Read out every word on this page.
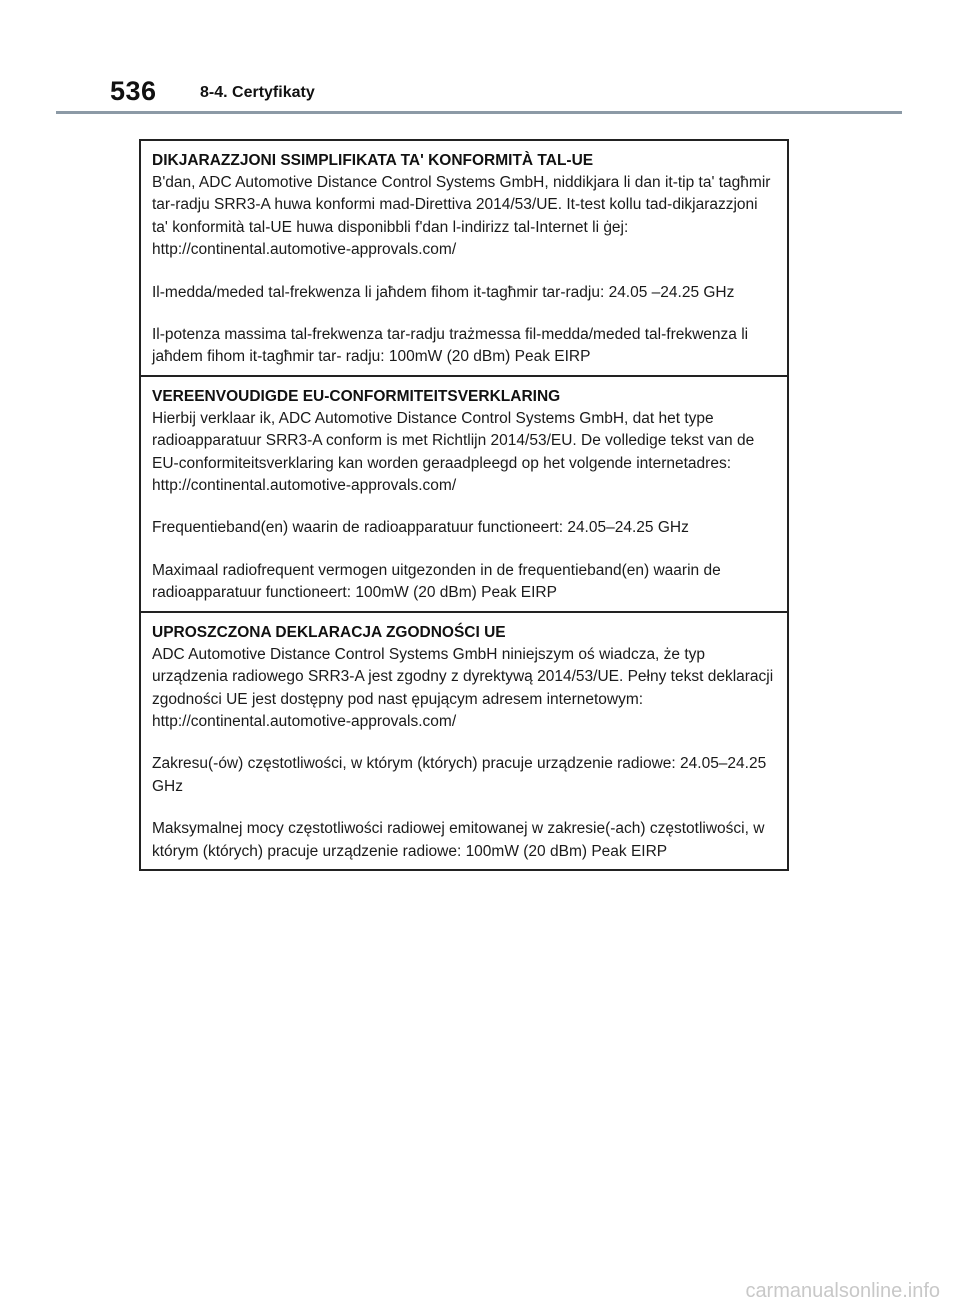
536	8-4. Certyfikaty

DIKJARAZZJONI SSIMPLIFIKATA TA' KONFORMITÀ TAL-UE

B'dan, ADC Automotive Distance Control Systems GmbH, niddikjara li dan it-tip ta' tagħmir tar-radju SRR3-A huwa konformi mad-Direttiva 2014/53/UE. It-test kollu tad-dikjarazzjoni ta' konformità tal-UE huwa disponibbli f'dan l-indirizz tal-Internet li ġej: http://continental.automotive-approvals.com/

Il-medda/meded tal-frekwenza li jaħdem fihom it-tagħmir tar-radju: 24.05 –24.25 GHz

Il-potenza massima tal-frekwenza tar-radju trażmessa fil-medda/meded tal-frekwenza li jaħdem fihom it-tagħmir tar- radju: 100mW (20 dBm) Peak EIRP

VEREENVOUDIGDE EU-CONFORMITEITSVERKLARING

Hierbij verklaar ik, ADC Automotive Distance Control Systems GmbH, dat het type radioapparatuur SRR3-A conform is met Richtlijn 2014/53/EU. De volledige tekst van de EU-conformiteitsverklaring kan worden geraadpleegd op het volgende internetadres: http://continental.automotive-approvals.com/

Frequentieband(en) waarin de radioapparatuur functioneert: 24.05–24.25 GHz

Maximaal radiofrequent vermogen uitgezonden in de frequentieband(en) waarin de radioapparatuur functioneert: 100mW (20 dBm) Peak EIRP

UPROSZCZONA DEKLARACJA ZGODNOŚCI UE

ADC Automotive Distance Control Systems GmbH niniejszym oś wiadcza, że typ urządzenia radiowego SRR3-A jest zgodny z dyrektywą 2014/53/UE. Pełny tekst deklaracji zgodności UE jest dostępny pod nast ępującym adresem internetowym: http://continental.automotive-approvals.com/

Zakresu(-ów) częstotliwości, w którym (których) pracuje urządzenie radiowe: 24.05–24.25 GHz

Maksymalnej mocy częstotliwości radiowej emitowanej w zakresie(-ach) częstotliwości, w którym (których) pracuje urządzenie radiowe: 100mW (20 dBm) Peak EIRP

carmanualsonline.info
